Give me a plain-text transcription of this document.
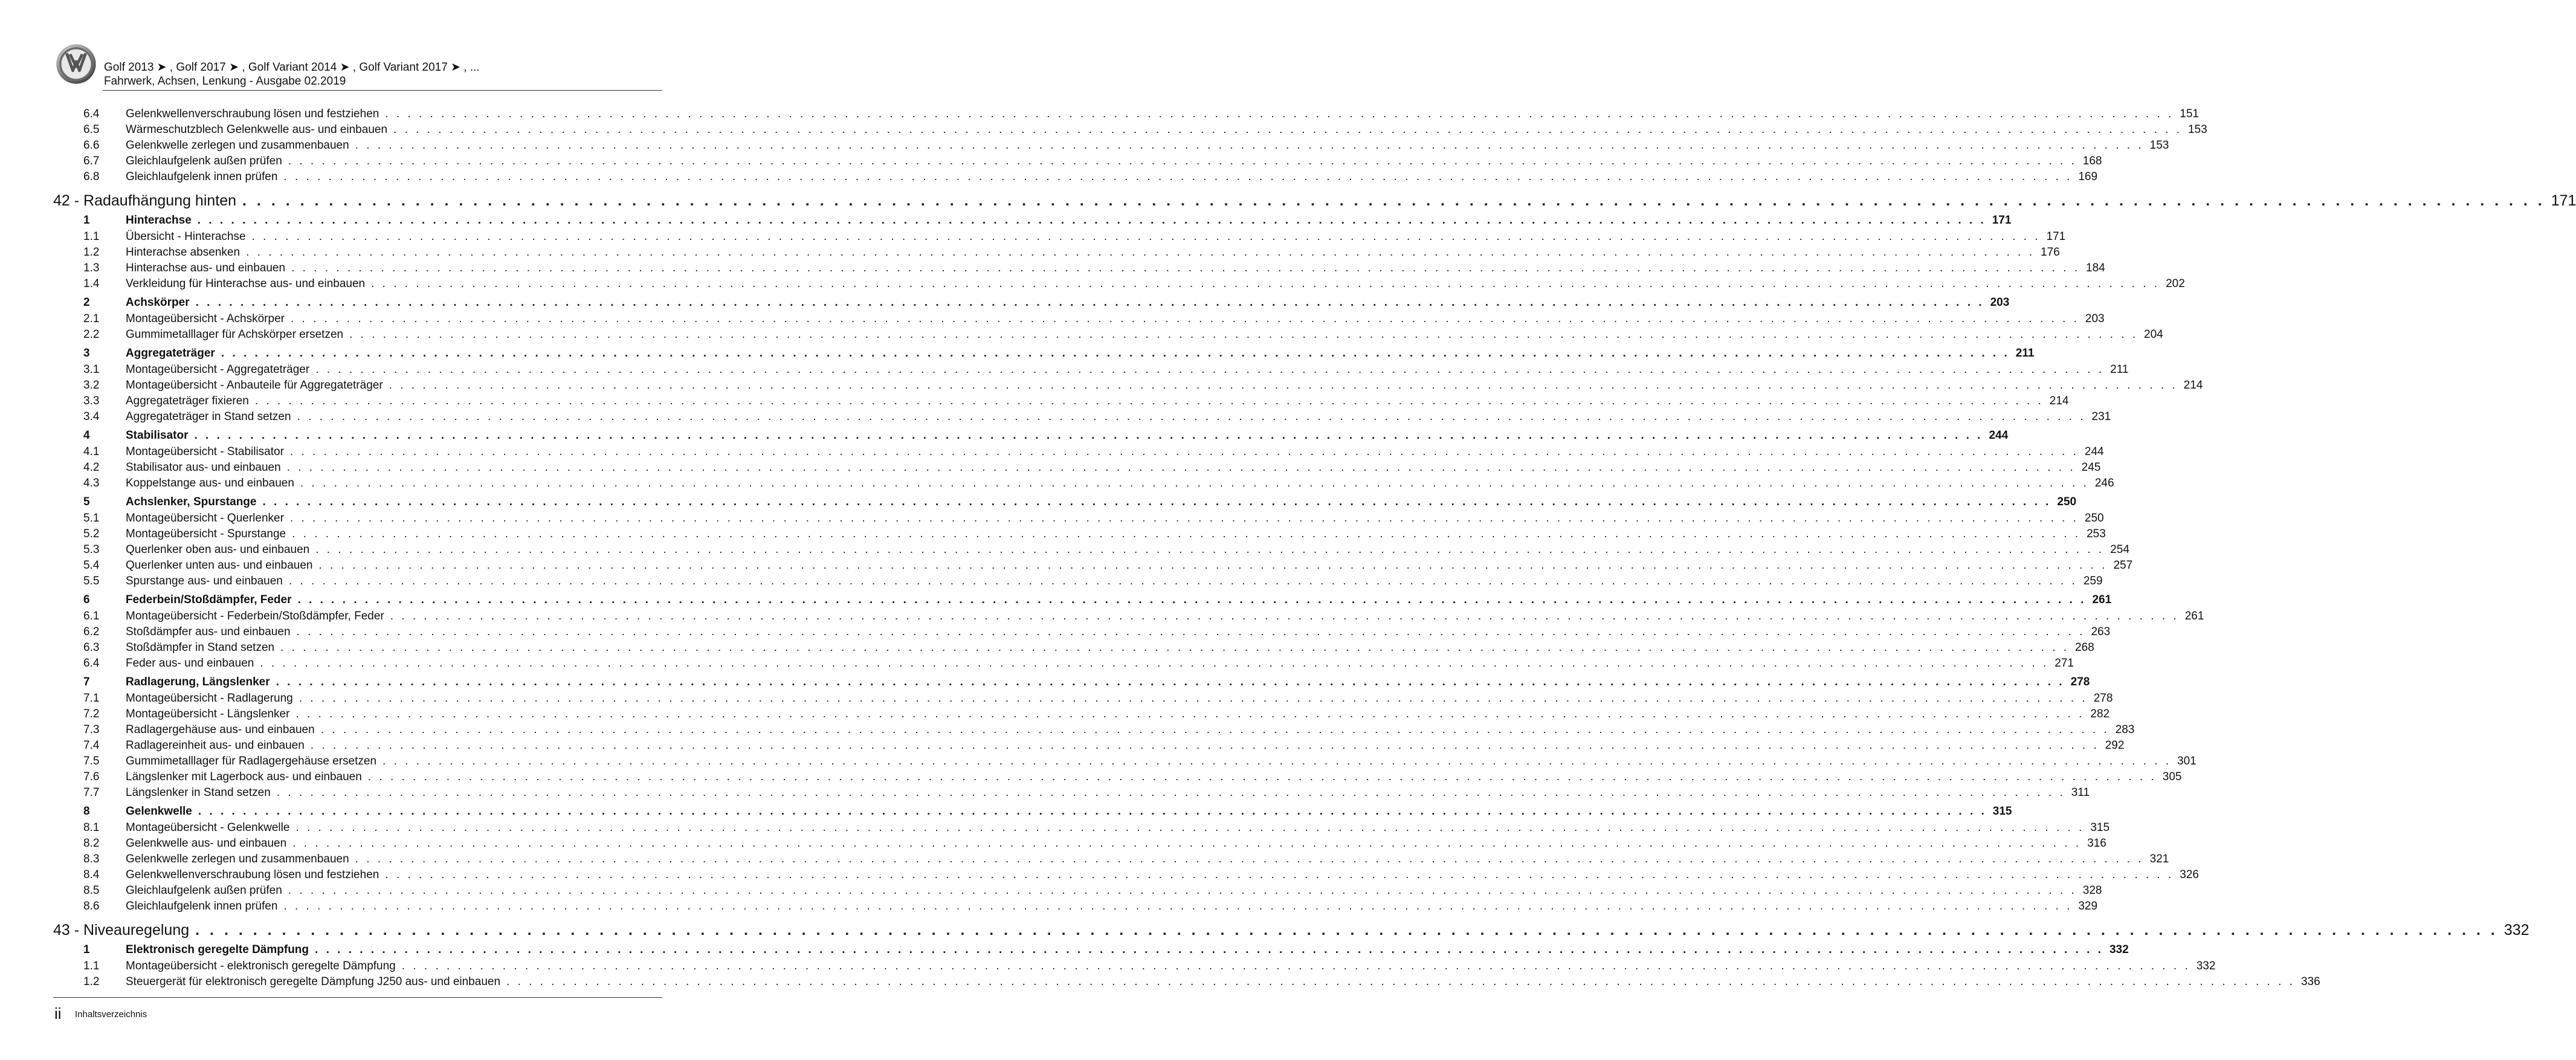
Golf 2013 ➤ , Golf 2017 ➤ , Golf Variant 2014 ➤ , Golf Variant 2017 ➤ , ...
Fahrwerk, Achsen, Lenkung - Ausgabe 02.2019
6.4 Gelenkwellenverschraubung lösen und festziehen . . . . . . . . . . . . . . . . . . . . . . . . . . . . . . . . . . . . . . . . . . . . . . . . . . . . . . . . . . . . . . . . . . . . . . . . . . . . . . . . . . . . . . . . . . . . . . . . . . . . . . . . . . . . . . . . . . . . . . . . . . . . . . . . . . . . . . . . . . . . . . . . . . . . . . . . . . . . . . . . 151
6.5 Wärmeschutzblech Gelenkwelle aus- und einbauen . . . . . . . . . . . . . . . . . . . . . . . . . . . . . . . . . . . . . . . . . . . . . . . . . . . . . . . . . . . . . . . . . . . . . . . . . . . . . . . . . . . . . . . . . . . . . . . . . . . . . . . . . . . . . . . . . . . . . . . . . . . . . . . . . . . . . . . . . . . . . . . . . . . . . . . . . . . . . . . . 153
6.6 Gelenkwelle zerlegen und zusammenbauen . . . . . . . . . . . . . . . . . . . . . . . . . . . . . . . . . . . . . . . . . . . . . . . . . . . . . . . . . . . . . . . . . . . . . . . . . . . . . . . . . . . . . . . . . . . . . . . . . . . . . . . . . . . . . . . . . . . . . . . . . . . . . . . . . . . . . . . . . . . . . . . . . . . . . . . . . . . . . . . . 153
6.7 Gleichlaufgelenk außen prüfen . . . . . . . . . . . . . . . . . . . . . . . . . . . . . . . . . . . . . . . . . . . . . . . . . . . . . . . . . . . . . . . . . . . . . . . . . . . . . . . . . . . . . . . . . . . . . . . . . . . . . . . . . . . . . . . . . . . . . . . . . . . . . . . . . . . . . . . . . . . . . . . . . . . . . . . . . . . . . . . . 168
6.8 Gleichlaufgelenk innen prüfen . . . . . . . . . . . . . . . . . . . . . . . . . . . . . . . . . . . . . . . . . . . . . . . . . . . . . . . . . . . . . . . . . . . . . . . . . . . . . . . . . . . . . . . . . . . . . . . . . . . . . . . . . . . . . . . . . . . . . . . . . . . . . . . . . . . . . . . . . . . . . . . . . . . . . . . . . . . . . . . . 169
42 - Radaufhängung hinten . . . . . . . . . . . . . . . . . . . . . . . . . . . . . . . . . . . . . . . . . . . . . . . . . . . . . . . . . . . . . . . . . . . . . . . . . . . . . . . . . . . . . . . . . . . . . . . . . . . . . . . . . . . . . . . . . . . . . . . . . . . . . . . . . . . . . . . . . . . . . . . . . . . . . . . . . . . . . . . . 171
1	Hinterachse . . . . . . . . . . . . . . . . . . . . . . . . . . . . . . . . . . . . . . . . . . . . . . . . . . . . . . . . . . . . . . . . . . . . . . . . . . . . . . . . . . . . . . . . . . . . . . . . . . . . . . . . . . . . . . . . . . . . . . . . . . . . . . . . . . . . . . . . . . . . . . . . . . . . . . . . . . . . . . . . 171
1.1 Übersicht - Hinterachse . . . . . . . . . . . . . . . . . . . . . . . . . . . . . . . . . . . . . . . . . . . . . . . . . . . . . . . . . . . . . . . . . . . . . . . . . . . . . . . . . . . . . . . . . . . . . . . . . . . . . . . . . . . . . . . . . . . . . . . . . . . . . . . . . . . . . . . . . . . . . . . . . . . . . . . . . . . . . . . . 171
1.2 Hinterachse absenken . . . . . . . . . . . . . . . . . . . . . . . . . . . . . . . . . . . . . . . . . . . . . . . . . . . . . . . . . . . . . . . . . . . . . . . . . . . . . . . . . . . . . . . . . . . . . . . . . . . . . . . . . . . . . . . . . . . . . . . . . . . . . . . . . . . . . . . . . . . . . . . . . . . . . . . . . . . . . . . . 176
1.3 Hinterachse aus- und einbauen . . . . . . . . . . . . . . . . . . . . . . . . . . . . . . . . . . . . . . . . . . . . . . . . . . . . . . . . . . . . . . . . . . . . . . . . . . . . . . . . . . . . . . . . . . . . . . . . . . . . . . . . . . . . . . . . . . . . . . . . . . . . . . . . . . . . . . . . . . . . . . . . . . . . . . . . . . . . . . . . 184
1.4 Verkleidung für Hinterachse aus- und einbauen . . . . . . . . . . . . . . . . . . . . . . . . . . . . . . . . . . . . . . . . . . . . . . . . . . . . . . . . . . . . . . . . . . . . . . . . . . . . . . . . . . . . . . . . . . . . . . . . . . . . . . . . . . . . . . . . . . . . . . . . . . . . . . . . . . . . . . . . . . . . . . . . . . . . . . . . . . . . . . . . 202
2	Achskörper . . . . . . . . . . . . . . . . . . . . . . . . . . . . . . . . . . . . . . . . . . . . . . . . . . . . . . . . . . . . . . . . . . . . . . . . . . . . . . . . . . . . . . . . . . . . . . . . . . . . . . . . . . . . . . . . . . . . . . . . . . . . . . . . . . . . . . . . . . . . . . . . . . . . . . . . . . . . . . . . 203
2.1 Montageübersicht - Achskörper . . . . . . . . . . . . . . . . . . . . . . . . . . . . . . . . . . . . . . . . . . . . . . . . . . . . . . . . . . . . . . . . . . . . . . . . . . . . . . . . . . . . . . . . . . . . . . . . . . . . . . . . . . . . . . . . . . . . . . . . . . . . . . . . . . . . . . . . . . . . . . . . . . . . . . . . . . . . . . . . 203
2.2 Gummimetalllager für Achskörper ersetzen . . . . . . . . . . . . . . . . . . . . . . . . . . . . . . . . . . . . . . . . . . . . . . . . . . . . . . . . . . . . . . . . . . . . . . . . . . . . . . . . . . . . . . . . . . . . . . . . . . . . . . . . . . . . . . . . . . . . . . . . . . . . . . . . . . . . . . . . . . . . . . . . . . . . . . . . . . . . . . . . 204
3	Aggregateträger . . . . . . . . . . . . . . . . . . . . . . . . . . . . . . . . . . . . . . . . . . . . . . . . . . . . . . . . . . . . . . . . . . . . . . . . . . . . . . . . . . . . . . . . . . . . . . . . . . . . . . . . . . . . . . . . . . . . . . . . . . . . . . . . . . . . . . . . . . . . . . . . . . . . . . . . . . . . . . . . 211
3.1 Montageübersicht - Aggregateträger . . . . . . . . . . . . . . . . . . . . . . . . . . . . . . . . . . . . . . . . . . . . . . . . . . . . . . . . . . . . . . . . . . . . . . . . . . . . . . . . . . . . . . . . . . . . . . . . . . . . . . . . . . . . . . . . . . . . . . . . . . . . . . . . . . . . . . . . . . . . . . . . . . . . . . . . . . . . . . . . 211
3.2 Montageübersicht - Anbauteile für Aggregateträger . . . . . . . . . . . . . . . . . . . . . . . . . . . . . . . . . . . . . . . . . . . . . . . . . . . . . . . . . . . . . . . . . . . . . . . . . . . . . . . . . . . . . . . . . . . . . . . . . . . . . . . . . . . . . . . . . . . . . . . . . . . . . . . . . . . . . . . . . . . . . . . . . . . . . . . . . . . . . . . . 214
3.3 Aggregateträger fixieren . . . . . . . . . . . . . . . . . . . . . . . . . . . . . . . . . . . . . . . . . . . . . . . . . . . . . . . . . . . . . . . . . . . . . . . . . . . . . . . . . . . . . . . . . . . . . . . . . . . . . . . . . . . . . . . . . . . . . . . . . . . . . . . . . . . . . . . . . . . . . . . . . . . . . . . . . . . . . . . . 214
3.4 Aggregateträger in Stand setzen . . . . . . . . . . . . . . . . . . . . . . . . . . . . . . . . . . . . . . . . . . . . . . . . . . . . . . . . . . . . . . . . . . . . . . . . . . . . . . . . . . . . . . . . . . . . . . . . . . . . . . . . . . . . . . . . . . . . . . . . . . . . . . . . . . . . . . . . . . . . . . . . . . . . . . . . . . . . . . . . 231
4	Stabilisator . . . . . . . . . . . . . . . . . . . . . . . . . . . . . . . . . . . . . . . . . . . . . . . . . . . . . . . . . . . . . . . . . . . . . . . . . . . . . . . . . . . . . . . . . . . . . . . . . . . . . . . . . . . . . . . . . . . . . . . . . . . . . . . . . . . . . . . . . . . . . . . . . . . . . . . . . . . . . . . . 244
4.1 Montageübersicht - Stabilisator . . . . . . . . . . . . . . . . . . . . . . . . . . . . . . . . . . . . . . . . . . . . . . . . . . . . . . . . . . . . . . . . . . . . . . . . . . . . . . . . . . . . . . . . . . . . . . . . . . . . . . . . . . . . . . . . . . . . . . . . . . . . . . . . . . . . . . . . . . . . . . . . . . . . . . . . . . . . . . . . 244
4.2 Stabilisator aus- und einbauen . . . . . . . . . . . . . . . . . . . . . . . . . . . . . . . . . . . . . . . . . . . . . . . . . . . . . . . . . . . . . . . . . . . . . . . . . . . . . . . . . . . . . . . . . . . . . . . . . . . . . . . . . . . . . . . . . . . . . . . . . . . . . . . . . . . . . . . . . . . . . . . . . . . . . . . . . . . . . . . . 245
4.3 Koppelstange aus- und einbauen . . . . . . . . . . . . . . . . . . . . . . . . . . . . . . . . . . . . . . . . . . . . . . . . . . . . . . . . . . . . . . . . . . . . . . . . . . . . . . . . . . . . . . . . . . . . . . . . . . . . . . . . . . . . . . . . . . . . . . . . . . . . . . . . . . . . . . . . . . . . . . . . . . . . . . . . . . . . . . . . 246
5	Achslenker, Spurstange . . . . . . . . . . . . . . . . . . . . . . . . . . . . . . . . . . . . . . . . . . . . . . . . . . . . . . . . . . . . . . . . . . . . . . . . . . . . . . . . . . . . . . . . . . . . . . . . . . . . . . . . . . . . . . . . . . . . . . . . . . . . . . . . . . . . . . . . . . . . . . . . . . . . . . . . . . . . . . . . 250
5.1 Montageübersicht - Querlenker . . . . . . . . . . . . . . . . . . . . . . . . . . . . . . . . . . . . . . . . . . . . . . . . . . . . . . . . . . . . . . . . . . . . . . . . . . . . . . . . . . . . . . . . . . . . . . . . . . . . . . . . . . . . . . . . . . . . . . . . . . . . . . . . . . . . . . . . . . . . . . . . . . . . . . . . . . . . . . . . 250
5.2 Montageübersicht - Spurstange . . . . . . . . . . . . . . . . . . . . . . . . . . . . . . . . . . . . . . . . . . . . . . . . . . . . . . . . . . . . . . . . . . . . . . . . . . . . . . . . . . . . . . . . . . . . . . . . . . . . . . . . . . . . . . . . . . . . . . . . . . . . . . . . . . . . . . . . . . . . . . . . . . . . . . . . . . . . . . . . 253
5.3 Querlenker oben aus- und einbauen . . . . . . . . . . . . . . . . . . . . . . . . . . . . . . . . . . . . . . . . . . . . . . . . . . . . . . . . . . . . . . . . . . . . . . . . . . . . . . . . . . . . . . . . . . . . . . . . . . . . . . . . . . . . . . . . . . . . . . . . . . . . . . . . . . . . . . . . . . . . . . . . . . . . . . . . . . . . . . . . 254
5.4 Querlenker unten aus- und einbauen . . . . . . . . . . . . . . . . . . . . . . . . . . . . . . . . . . . . . . . . . . . . . . . . . . . . . . . . . . . . . . . . . . . . . . . . . . . . . . . . . . . . . . . . . . . . . . . . . . . . . . . . . . . . . . . . . . . . . . . . . . . . . . . . . . . . . . . . . . . . . . . . . . . . . . . . . . . . . . . . 257
5.5 Spurstange aus- und einbauen . . . . . . . . . . . . . . . . . . . . . . . . . . . . . . . . . . . . . . . . . . . . . . . . . . . . . . . . . . . . . . . . . . . . . . . . . . . . . . . . . . . . . . . . . . . . . . . . . . . . . . . . . . . . . . . . . . . . . . . . . . . . . . . . . . . . . . . . . . . . . . . . . . . . . . . . . . . . . . . . 259
6	Federbein/Stoßdämpfer, Feder . . . . . . . . . . . . . . . . . . . . . . . . . . . . . . . . . . . . . . . . . . . . . . . . . . . . . . . . . . . . . . . . . . . . . . . . . . . . . . . . . . . . . . . . . . . . . . . . . . . . . . . . . . . . . . . . . . . . . . . . . . . . . . . . . . . . . . . . . . . . . . . . . . . . . . . . . . . . . . . . 261
6.1 Montageübersicht - Federbein/Stoßdämpfer, Feder . . . . . . . . . . . . . . . . . . . . . . . . . . . . . . . . . . . . . . . . . . . . . . . . . . . . . . . . . . . . . . . . . . . . . . . . . . . . . . . . . . . . . . . . . . . . . . . . . . . . . . . . . . . . . . . . . . . . . . . . . . . . . . . . . . . . . . . . . . . . . . . . . . . . . . . . . . . . . . . . 261
6.2 Stoßdämpfer aus- und einbauen . . . . . . . . . . . . . . . . . . . . . . . . . . . . . . . . . . . . . . . . . . . . . . . . . . . . . . . . . . . . . . . . . . . . . . . . . . . . . . . . . . . . . . . . . . . . . . . . . . . . . . . . . . . . . . . . . . . . . . . . . . . . . . . . . . . . . . . . . . . . . . . . . . . . . . . . . . . . . . . . 263
6.3 Stoßdämpfer in Stand setzen . . . . . . . . . . . . . . . . . . . . . . . . . . . . . . . . . . . . . . . . . . . . . . . . . . . . . . . . . . . . . . . . . . . . . . . . . . . . . . . . . . . . . . . . . . . . . . . . . . . . . . . . . . . . . . . . . . . . . . . . . . . . . . . . . . . . . . . . . . . . . . . . . . . . . . . . . . . . . . . . 268
6.4 Feder aus- und einbauen . . . . . . . . . . . . . . . . . . . . . . . . . . . . . . . . . . . . . . . . . . . . . . . . . . . . . . . . . . . . . . . . . . . . . . . . . . . . . . . . . . . . . . . . . . . . . . . . . . . . . . . . . . . . . . . . . . . . . . . . . . . . . . . . . . . . . . . . . . . . . . . . . . . . . . . . . . . . . . . . 271
7	Radlagerung, Längslenker . . . . . . . . . . . . . . . . . . . . . . . . . . . . . . . . . . . . . . . . . . . . . . . . . . . . . . . . . . . . . . . . . . . . . . . . . . . . . . . . . . . . . . . . . . . . . . . . . . . . . . . . . . . . . . . . . . . . . . . . . . . . . . . . . . . . . . . . . . . . . . . . . . . . . . . . . . . . . . . . 278
7.1 Montageübersicht - Radlagerung . . . . . . . . . . . . . . . . . . . . . . . . . . . . . . . . . . . . . . . . . . . . . . . . . . . . . . . . . . . . . . . . . . . . . . . . . . . . . . . . . . . . . . . . . . . . . . . . . . . . . . . . . . . . . . . . . . . . . . . . . . . . . . . . . . . . . . . . . . . . . . . . . . . . . . . . . . . . . . . . 278
7.2 Montageübersicht - Längslenker . . . . . . . . . . . . . . . . . . . . . . . . . . . . . . . . . . . . . . . . . . . . . . . . . . . . . . . . . . . . . . . . . . . . . . . . . . . . . . . . . . . . . . . . . . . . . . . . . . . . . . . . . . . . . . . . . . . . . . . . . . . . . . . . . . . . . . . . . . . . . . . . . . . . . . . . . . . . . . . . 282
7.3 Radlagergehäuse aus- und einbauen . . . . . . . . . . . . . . . . . . . . . . . . . . . . . . . . . . . . . . . . . . . . . . . . . . . . . . . . . . . . . . . . . . . . . . . . . . . . . . . . . . . . . . . . . . . . . . . . . . . . . . . . . . . . . . . . . . . . . . . . . . . . . . . . . . . . . . . . . . . . . . . . . . . . . . . . . . . . . . . . 283
7.4 Radlagereinheit aus- und einbauen . . . . . . . . . . . . . . . . . . . . . . . . . . . . . . . . . . . . . . . . . . . . . . . . . . . . . . . . . . . . . . . . . . . . . . . . . . . . . . . . . . . . . . . . . . . . . . . . . . . . . . . . . . . . . . . . . . . . . . . . . . . . . . . . . . . . . . . . . . . . . . . . . . . . . . . . . . . . . . . . 292
7.5 Gummimetalllager für Radlagergehäuse ersetzen . . . . . . . . . . . . . . . . . . . . . . . . . . . . . . . . . . . . . . . . . . . . . . . . . . . . . . . . . . . . . . . . . . . . . . . . . . . . . . . . . . . . . . . . . . . . . . . . . . . . . . . . . . . . . . . . . . . . . . . . . . . . . . . . . . . . . . . . . . . . . . . . . . . . . . . . . . . . . . . . 301
7.6 Längslenker mit Lagerbock aus- und einbauen . . . . . . . . . . . . . . . . . . . . . . . . . . . . . . . . . . . . . . . . . . . . . . . . . . . . . . . . . . . . . . . . . . . . . . . . . . . . . . . . . . . . . . . . . . . . . . . . . . . . . . . . . . . . . . . . . . . . . . . . . . . . . . . . . . . . . . . . . . . . . . . . . . . . . . . . . . . . . . . . 305
7.7 Längslenker in Stand setzen . . . . . . . . . . . . . . . . . . . . . . . . . . . . . . . . . . . . . . . . . . . . . . . . . . . . . . . . . . . . . . . . . . . . . . . . . . . . . . . . . . . . . . . . . . . . . . . . . . . . . . . . . . . . . . . . . . . . . . . . . . . . . . . . . . . . . . . . . . . . . . . . . . . . . . . . . . . . . . . . 311
8	Gelenkwelle . . . . . . . . . . . . . . . . . . . . . . . . . . . . . . . . . . . . . . . . . . . . . . . . . . . . . . . . . . . . . . . . . . . . . . . . . . . . . . . . . . . . . . . . . . . . . . . . . . . . . . . . . . . . . . . . . . . . . . . . . . . . . . . . . . . . . . . . . . . . . . . . . . . . . . . . . . . . . . . . 315
8.1 Montageübersicht - Gelenkwelle . . . . . . . . . . . . . . . . . . . . . . . . . . . . . . . . . . . . . . . . . . . . . . . . . . . . . . . . . . . . . . . . . . . . . . . . . . . . . . . . . . . . . . . . . . . . . . . . . . . . . . . . . . . . . . . . . . . . . . . . . . . . . . . . . . . . . . . . . . . . . . . . . . . . . . . . . . . . . . . . 315
8.2 Gelenkwelle aus- und einbauen . . . . . . . . . . . . . . . . . . . . . . . . . . . . . . . . . . . . . . . . . . . . . . . . . . . . . . . . . . . . . . . . . . . . . . . . . . . . . . . . . . . . . . . . . . . . . . . . . . . . . . . . . . . . . . . . . . . . . . . . . . . . . . . . . . . . . . . . . . . . . . . . . . . . . . . . . . . . . . . . 316
8.3 Gelenkwelle zerlegen und zusammenbauen . . . . . . . . . . . . . . . . . . . . . . . . . . . . . . . . . . . . . . . . . . . . . . . . . . . . . . . . . . . . . . . . . . . . . . . . . . . . . . . . . . . . . . . . . . . . . . . . . . . . . . . . . . . . . . . . . . . . . . . . . . . . . . . . . . . . . . . . . . . . . . . . . . . . . . . . . . . . . . . . 321
8.4 Gelenkwellenverschraubung lösen und festziehen . . . . . . . . . . . . . . . . . . . . . . . . . . . . . . . . . . . . . . . . . . . . . . . . . . . . . . . . . . . . . . . . . . . . . . . . . . . . . . . . . . . . . . . . . . . . . . . . . . . . . . . . . . . . . . . . . . . . . . . . . . . . . . . . . . . . . . . . . . . . . . . . . . . . . . . . . . . . . . . . 326
8.5 Gleichlaufgelenk außen prüfen . . . . . . . . . . . . . . . . . . . . . . . . . . . . . . . . . . . . . . . . . . . . . . . . . . . . . . . . . . . . . . . . . . . . . . . . . . . . . . . . . . . . . . . . . . . . . . . . . . . . . . . . . . . . . . . . . . . . . . . . . . . . . . . . . . . . . . . . . . . . . . . . . . . . . . . . . . . . . . . . 328
8.6 Gleichlaufgelenk innen prüfen . . . . . . . . . . . . . . . . . . . . . . . . . . . . . . . . . . . . . . . . . . . . . . . . . . . . . . . . . . . . . . . . . . . . . . . . . . . . . . . . . . . . . . . . . . . . . . . . . . . . . . . . . . . . . . . . . . . . . . . . . . . . . . . . . . . . . . . . . . . . . . . . . . . . . . . . . . . . . . . . 329
43 - Niveauregelung . . . . . . . . . . . . . . . . . . . . . . . . . . . . . . . . . . . . . . . . . . . . . . . . . . . . . . . . . . . . . . . . . . . . . . . . . . . . . . . . . . . . . . . . . . . . . . . . . . . . . . . . . . . . . . . . . . . . . . . . . . . . . . . . . . . . . . . . . . . . . . . . . . . . . . . . . . . . . . . . 332
1	Elektronisch geregelte Dämpfung . . . . . . . . . . . . . . . . . . . . . . . . . . . . . . . . . . . . . . . . . . . . . . . . . . . . . . . . . . . . . . . . . . . . . . . . . . . . . . . . . . . . . . . . . . . . . . . . . . . . . . . . . . . . . . . . . . . . . . . . . . . . . . . . . . . . . . . . . . . . . . . . . . . . . . . . . . . . . . . . 332
1.1 Montageübersicht - elektronisch geregelte Dämpfung . . . . . . . . . . . . . . . . . . . . . . . . . . . . . . . . . . . . . . . . . . . . . . . . . . . . . . . . . . . . . . . . . . . . . . . . . . . . . . . . . . . . . . . . . . . . . . . . . . . . . . . . . . . . . . . . . . . . . . . . . . . . . . . . . . . . . . . . . . . . . . . . . . . . . . . . . . . . . . . . 332
1.2 Steuergerät für elektronisch geregelte Dämpfung J250 aus- und einbauen . . . . . . . . . . . . . . . . . . . . . . . . . . . . . . . . . . . . . . . . . . . . . . . . . . . . . . . . . . . . . . . . . . . . . . . . . . . . . . . . . . . . . . . . . . . . . . . . . . . . . . . . . . . . . . . . . . . . . . . . . . . . . . . . . . . . . . . . . . . . . . . . . . . . . . . . . . . . . . . . 336
ii Inhaltsverzeichnis
